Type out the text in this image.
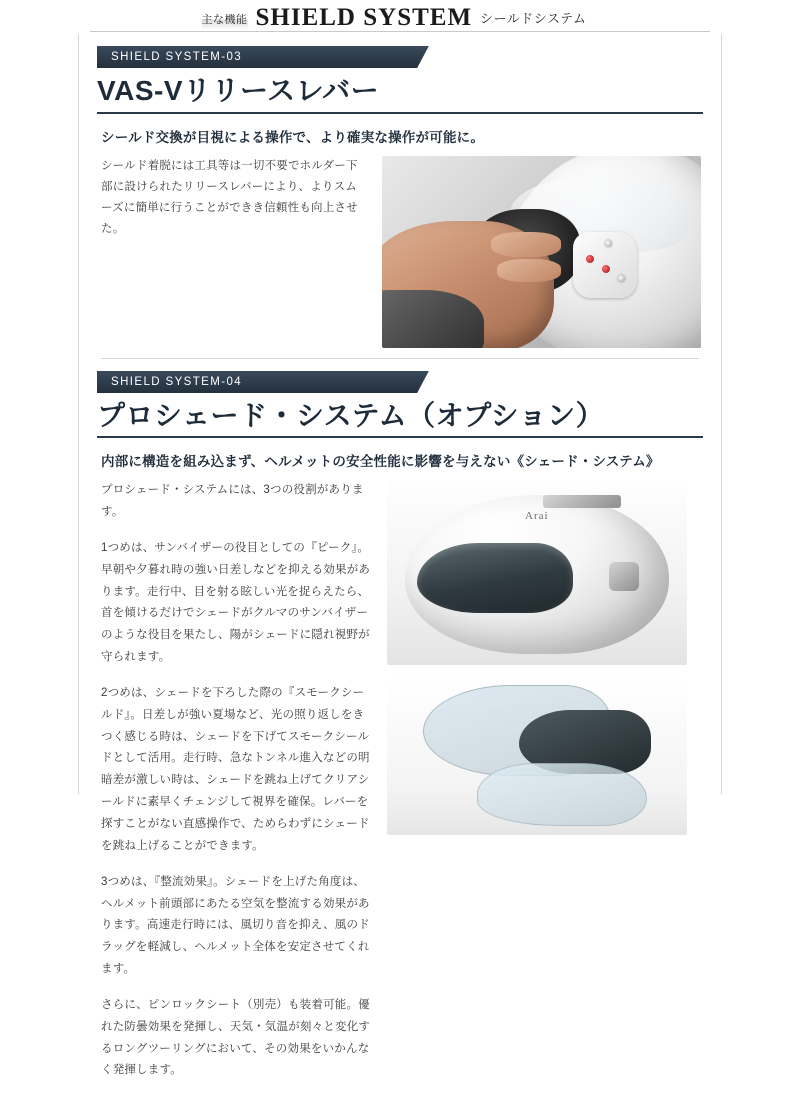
主な機能 SHIELD SYSTEM シールドシステム
SHIELD SYSTEM-03
VAS-Vリリースレバー
シールド交換が目視による操作で、より確実な操作が可能に。
シールド着脱には工具等は一切不要でホルダー下部に設けられたリリースレバーにより、よりスムーズに簡単に行うことができき信頼性も向上させた。
SHIELD SYSTEM-04
プロシェード・システム（オプション）
内部に構造を組み込まず、ヘルメットの安全性能に影響を与えない《シェード・システム》

プロシェード・システムには、3つの役割があります。

1つめは、サンバイザーの役目としての『ピーク』。早朝や夕暮れ時の強い日差しなどを抑える効果があります。走行中、目を射る眩しい光を捉らえたら、首を傾けるだけでシェードがクルマのサンバイザーのような役目を果たし、陽がシェードに隠れ視野が守られます。

2つめは、シェードを下ろした際の『スモークシールド』。日差しが強い夏場など、光の照り返しをきつく感じる時は、シェードを下げてスモークシールドとして活用。走行時、急なトンネル進入などの明暗差が激しい時は、シェードを跳ね上げてクリアシールドに素早くチェンジして視界を確保。レバーを探すことがない直感操作で、ためらわずにシェードを跳ね上げることができます。

3つめは、『整流効果』。シェードを上げた角度は、ヘルメット前頭部にあたる空気を整流する効果があります。高速走行時には、風切り音を抑え、風のドラッグを軽減し、ヘルメット全体を安定させてくれます。

さらに、ピンロックシート（別売）も装着可能。優れた防曇効果を発揮し、天気・気温が刻々と変化するロングツーリングにおいて、その効果をいかんなく発揮します。

Arai
